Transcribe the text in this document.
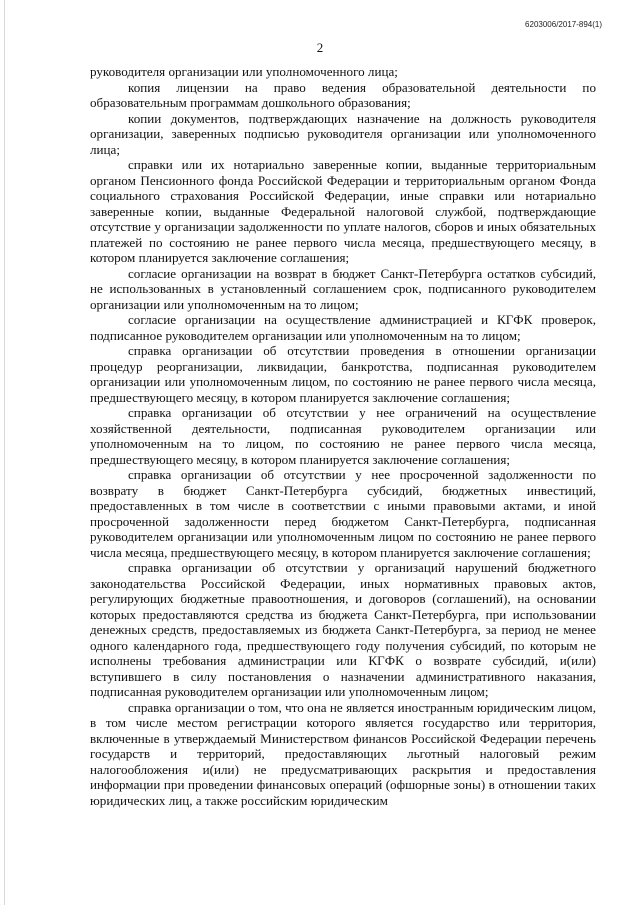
6203006/2017-894(1)
2

руководителя организации или уполномоченного лица;

копия лицензии на право ведения образовательной деятельности по образовательным программам дошкольного образования;

копии документов, подтверждающих назначение на должность руководителя организации, заверенных подписью руководителя организации или уполномоченного лица;

справки или их нотариально заверенные копии, выданные территориальным органом Пенсионного фонда Российской Федерации и территориальным органом Фонда социального страхования Российской Федерации, иные справки или нотариально заверенные копии, выданные Федеральной налоговой службой, подтверждающие отсутствие у организации задолженности по уплате налогов, сборов и иных обязательных платежей по состоянию не ранее первого числа месяца, предшествующего месяцу, в котором планируется заключение соглашения;

согласие организации на возврат в бюджет Санкт-Петербурга остатков субсидий, не использованных в установленный соглашением срок, подписанного руководителем организации или уполномоченным на то лицом;

согласие организации на осуществление администрацией и КГФК проверок, подписанное руководителем организации или уполномоченным на то лицом;

справка организации об отсутствии проведения в отношении организации процедур реорганизации, ликвидации, банкротства, подписанная руководителем организации или уполномоченным лицом, по состоянию не ранее первого числа месяца, предшествующего месяцу, в котором планируется заключение соглашения;

справка организации об отсутствии у нее ограничений на осуществление хозяйственной деятельности, подписанная руководителем организации или уполномоченным на то лицом, по состоянию не ранее первого числа месяца, предшествующего месяцу, в котором планируется заключение соглашения;

справка организации об отсутствии у нее просроченной задолженности по возврату в бюджет Санкт-Петербурга субсидий, бюджетных инвестиций, предоставленных в том числе в соответствии с иными правовыми актами, и иной просроченной задолженности перед бюджетом Санкт-Петербурга, подписанная руководителем организации или уполномоченным лицом по состоянию не ранее первого числа месяца, предшествующего месяцу, в котором планируется заключение соглашения;

справка организации об отсутствии у организаций нарушений бюджетного законодательства Российской Федерации, иных нормативных правовых актов, регулирующих бюджетные правоотношения, и договоров (соглашений), на основании которых предоставляются средства из бюджета Санкт-Петербурга, при использовании денежных средств, предоставляемых из бюджета Санкт-Петербурга, за период не менее одного календарного года, предшествующего году получения субсидий, по которым не исполнены требования администрации или КГФК о возврате субсидий, и(или) вступившего в силу постановления о назначении административного наказания, подписанная руководителем организации или уполномоченным лицом;

справка организации о том, что она не является иностранным юридическим лицом, в том числе местом регистрации которого является государство или территория, включенные в утверждаемый Министерством финансов Российской Федерации перечень государств и территорий, предоставляющих льготный налоговый режим налогообложения и(или) не предусматривающих раскрытия и предоставления информации при проведении финансовых операций (офшорные зоны) в отношении таких юридических лиц, а также российским юридическим
